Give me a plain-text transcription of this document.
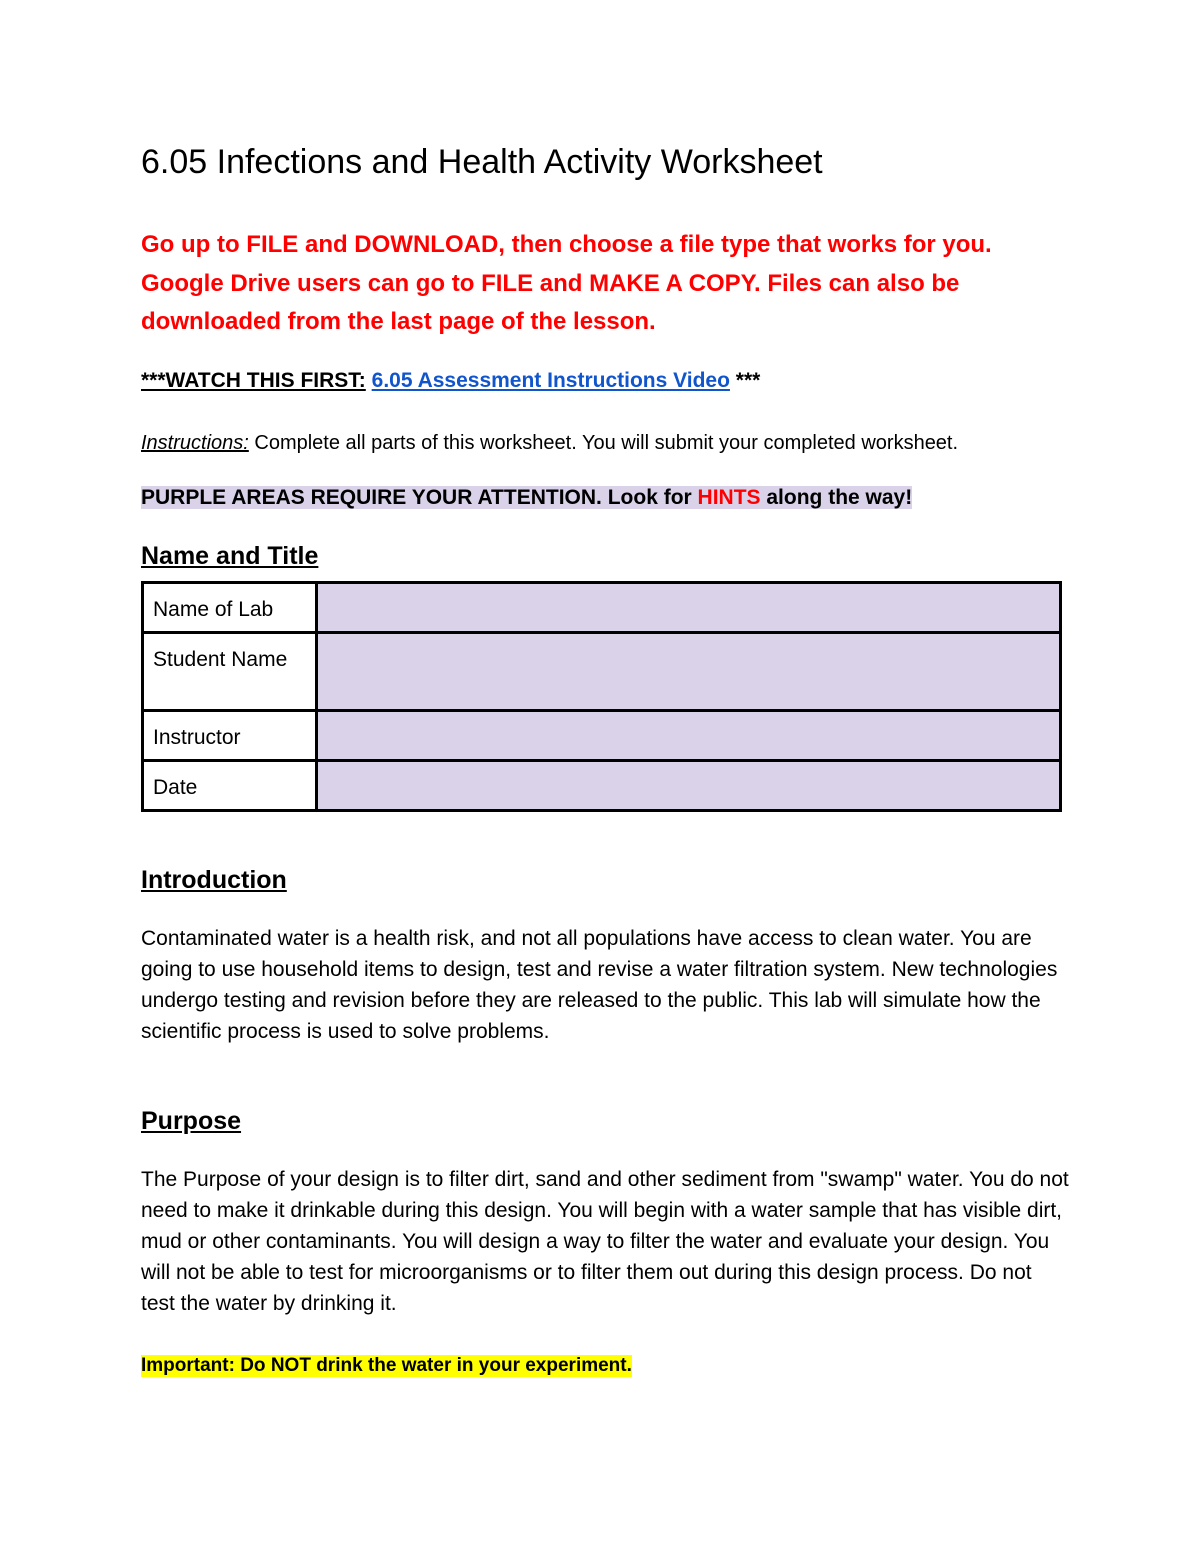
6.05 Infections and Health Activity Worksheet

Go up to FILE and DOWNLOAD, then choose a file type that works for you. Google Drive users can go to FILE and MAKE A COPY. Files can also be downloaded from the last page of the lesson.

***WATCH THIS FIRST: 6.05 Assessment Instructions Video ***
Instructions: Complete all parts of this worksheet. You will submit your completed worksheet.
PURPLE AREAS REQUIRE YOUR ATTENTION. Look for HINTS along the way!
Name and Title
Name of Lab	
Student Name	
Instructor	
Date	
Introduction

Contaminated water is a health risk, and not all populations have access to clean water. You are going to use household items to design, test and revise a water filtration system. New technologies undergo testing and revision before they are released to the public. This lab will simulate how the scientific process is used to solve problems.

Purpose

The Purpose of your design is to filter dirt, sand and other sediment from "swamp" water. You do not need to make it drinkable during this design. You will begin with a water sample that has visible dirt, mud or other contaminants. You will design a way to filter the water and evaluate your design. You will not be able to test for microorganisms or to filter them out during this design process. Do not test the water by drinking it.

Important: Do NOT drink the water in your experiment.
